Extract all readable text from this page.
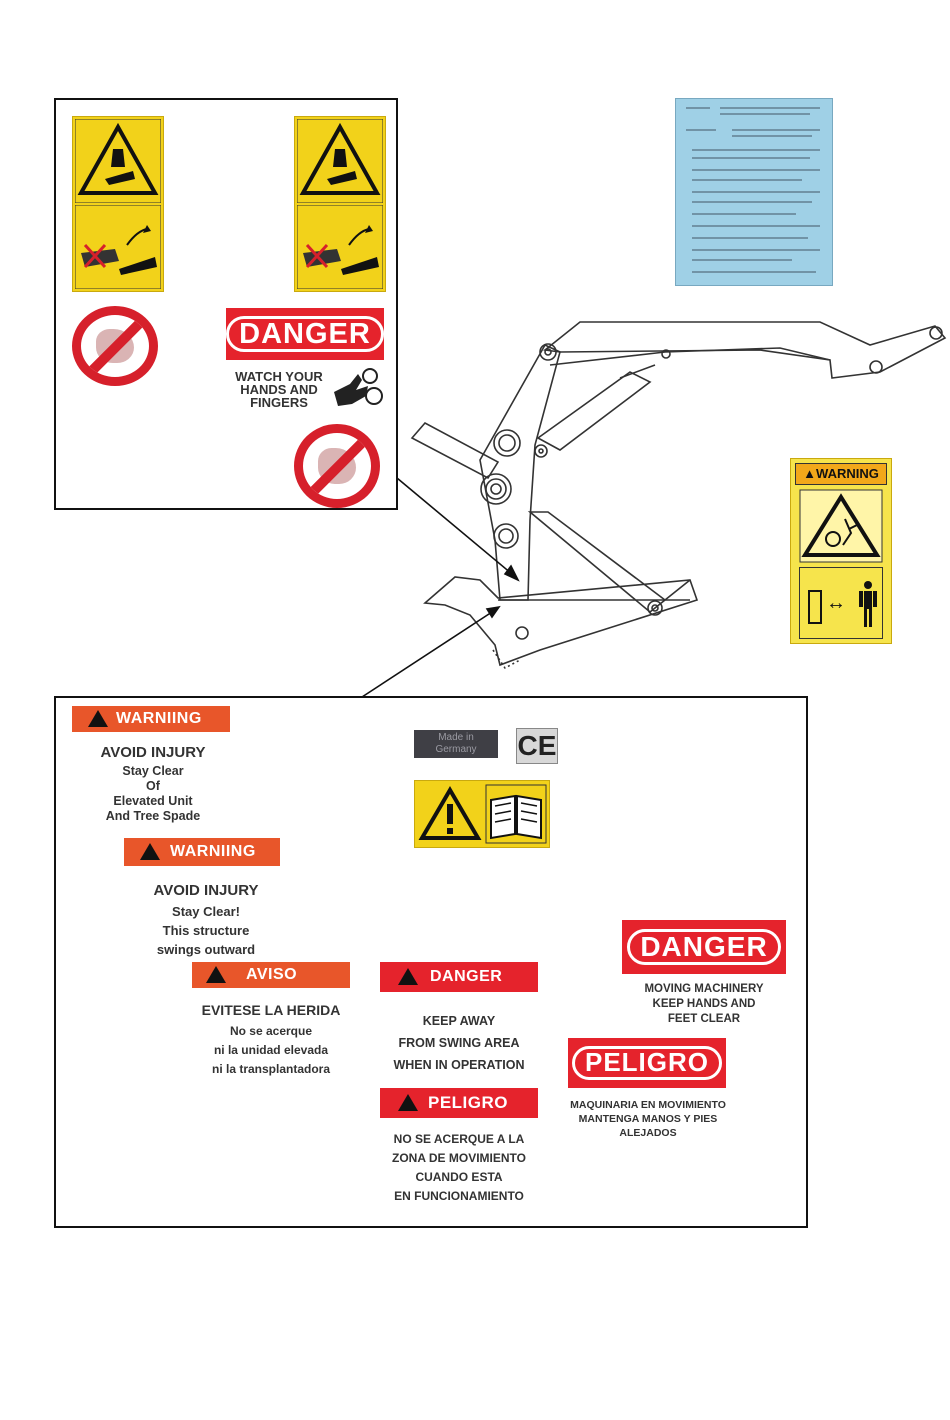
DANGER
WATCH YOUR
HANDS AND
FINGERS
▲WARNING
↔
WARNIING
AVOID INJURY
Stay Clear
Of
Elevated Unit
And Tree Spade
WARNIING
AVOID INJURY
Stay Clear!
This structure
swings outward
Made in
Germany	CE
AVISO
EVITESE LA HERIDA
No se acerque
ni la unidad elevada
ni la transplantadora
DANGER
KEEP AWAY
FROM SWING AREA
WHEN IN OPERATION
PELIGRO
NO SE ACERQUE A LA
ZONA DE MOVIMIENTO
CUANDO ESTA
EN FUNCIONAMIENTO
DANGER
MOVING MACHINERY
KEEP HANDS AND
FEET CLEAR
PELIGRO
MAQUINARIA EN MOVIMIENTO
MANTENGA MANOS Y PIES
ALEJADOS
